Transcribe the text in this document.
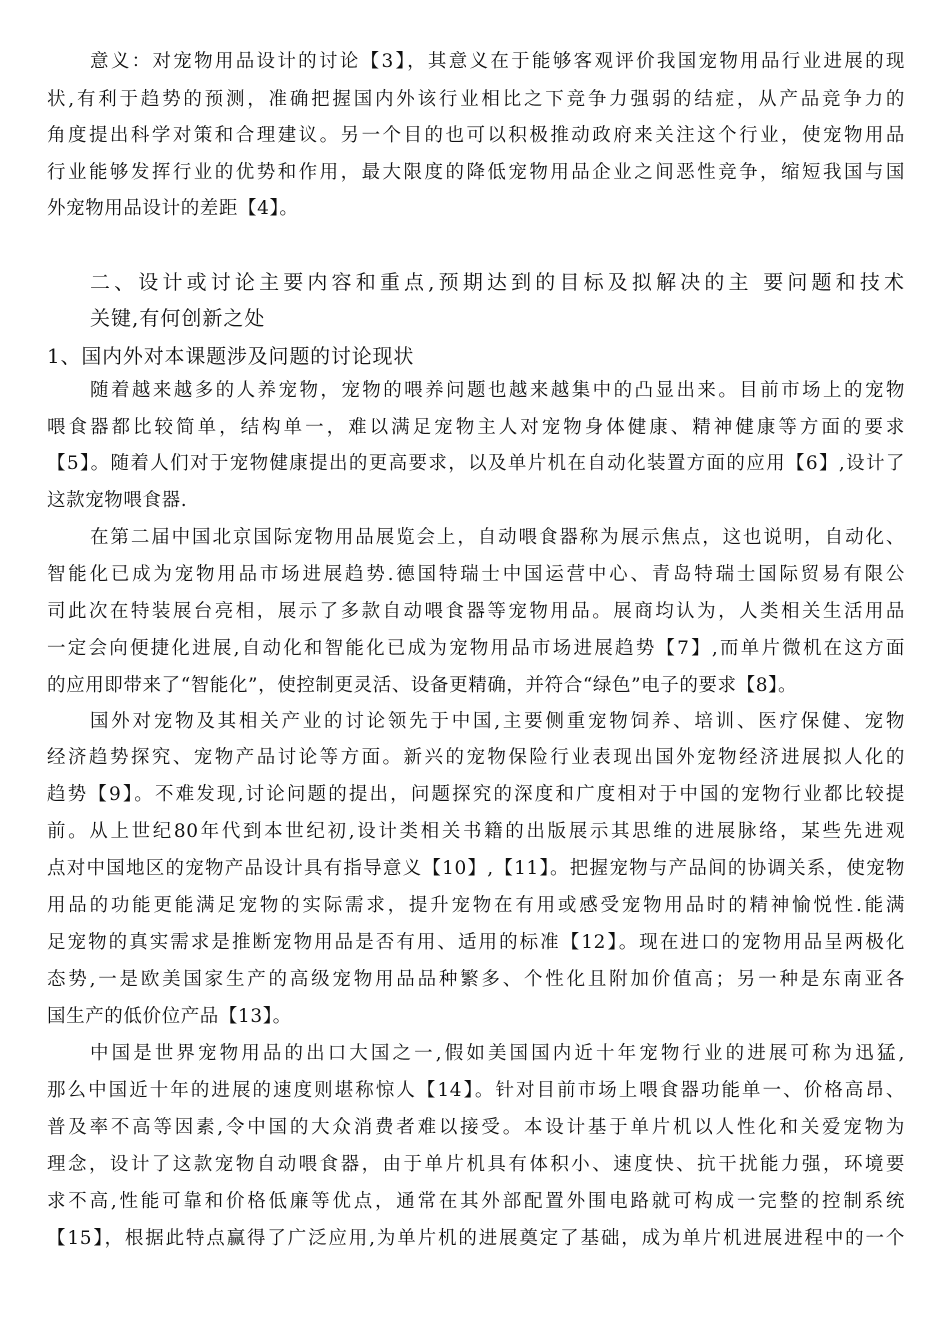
意义：对宠物用品设计的讨论【3】，其意义在于能够客观评价我国宠物用品行业进展的现
状,有利于趋势的预测，准确把握国内外该行业相比之下竞争力强弱的结症，从产品竞争力的
角度提出科学对策和合理建议。另一个目的也可以积极推动政府来关注这个行业，使宠物用品
行业能够发挥行业的优势和作用，最大限度的降低宠物用品企业之间恶性竞争，缩短我国与国
外宠物用品设计的差距【4】。
二、设计或讨论主要内容和重点,预期达到的目标及拟解决的主 要问题和技术
关键,有何创新之处
1、国内外对本课题涉及问题的讨论现状
随着越来越多的人养宠物，宠物的喂养问题也越来越集中的凸显出来。目前市场上的宠物
喂食器都比较简单，结构单一，难以满足宠物主人对宠物身体健康、精神健康等方面的要求
【5】。随着人们对于宠物健康提出的更高要求，以及单片机在自动化装置方面的应用【6】,设计了
这款宠物喂食器.
在第二届中国北京国际宠物用品展览会上，自动喂食器称为展示焦点，这也说明，自动化、
智能化已成为宠物用品市场进展趋势.德国特瑞士中国运营中心、青岛特瑞士国际贸易有限公
司此次在特装展台亮相，展示了多款自动喂食器等宠物用品。展商均认为，人类相关生活用品
一定会向便捷化进展,自动化和智能化已成为宠物用品市场进展趋势【7】,而单片微机在这方面
的应用即带来了“智能化”，使控制更灵活、设备更精确，并符合“绿色”电子的要求【8】。
国外对宠物及其相关产业的讨论领先于中国,主要侧重宠物饲养、培训、医疗保健、宠物
经济趋势探究、宠物产品讨论等方面。新兴的宠物保险行业表现出国外宠物经济进展拟人化的
趋势【9】。不难发现,讨论问题的提出，问题探究的深度和广度相对于中国的宠物行业都比较提
前。从上世纪80年代到本世纪初,设计类相关书籍的出版展示其思维的进展脉络，某些先进观
点对中国地区的宠物产品设计具有指导意义【10】,【11】。把握宠物与产品间的协调关系，使宠物
用品的功能更能满足宠物的实际需求，提升宠物在有用或感受宠物用品时的精神愉悦性.能满
足宠物的真实需求是推断宠物用品是否有用、适用的标准【12】。现在进口的宠物用品呈两极化
态势,一是欧美国家生产的高级宠物用品品种繁多、个性化且附加价值高；另一种是东南亚各
国生产的低价位产品【13】。
中国是世界宠物用品的出口大国之一,假如美国国内近十年宠物行业的进展可称为迅猛,
那么中国近十年的进展的速度则堪称惊人【14】。针对目前市场上喂食器功能单一、价格高昂、
普及率不高等因素,令中国的大众消费者难以接受。本设计基于单片机以人性化和关爱宠物为
理念，设计了这款宠物自动喂食器，由于单片机具有体积小、速度快、抗干扰能力强，环境要
求不高,性能可靠和价格低廉等优点，通常在其外部配置外围电路就可构成一完整的控制系统
【15】，根据此特点赢得了广泛应用,为单片机的进展奠定了基础，成为单片机进展进程中的一个
